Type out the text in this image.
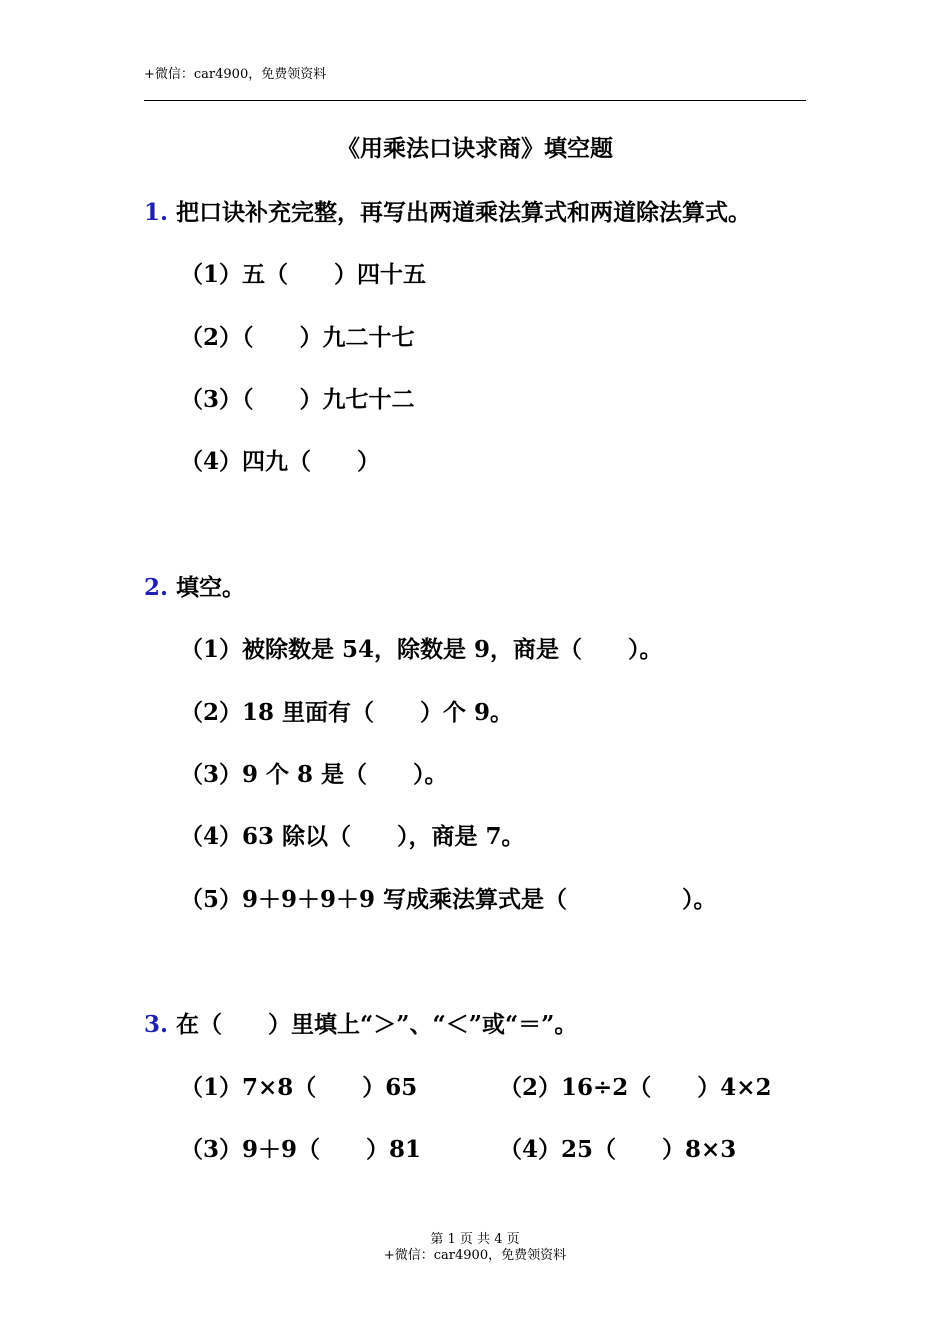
+微信：car4900，免费领资料
《用乘法口诀求商》填空题
1. 把口诀补充完整，再写出两道乘法算式和两道除法算式。
（1）五（　　）四十五
（2）（　　）九二十七
（3）（　　）九七十二
（4）四九（　　）
2. 填空。
（1）被除数是 54，除数是 9，商是（　　）。
（2）18 里面有（　　）个 9。
（3）9 个 8 是（　　）。
（4）63 除以（　　），商是 7。
（5）9＋9＋9＋9 写成乘法算式是（　　　　　）。
3. 在（　　）里填上“＞”、“＜”或“＝”。
（1）7×8（　　）65	（2）16÷2（　　）4×2
（3）9＋9（　　）81	（4）25（　　）8×3
第 1 页 共 4 页
+微信：car4900，免费领资料
